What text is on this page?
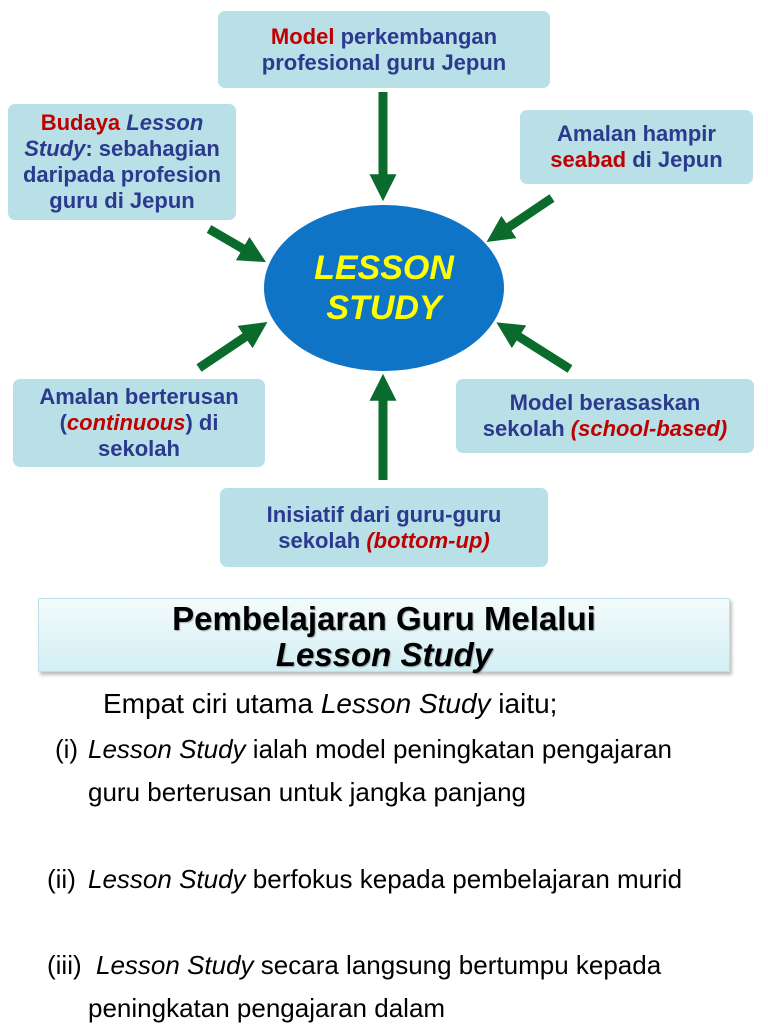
Model perkembangan
profesional guru Jepun
Budaya Lesson
Study: sebahagian
daripada profesion
guru di Jepun
Amalan hampir
seabad di Jepun
LESSON
STUDY
Amalan berterusan
(continuous) di
sekolah
Model berasaskan
sekolah (school-based)
Inisiatif dari guru-guru
sekolah (bottom-up)
Pembelajaran Guru Melalui
Lesson Study
Empat ciri utama Lesson Study iaitu;
(i) Lesson Study ialah model peningkatan pengajaran guru berterusan untuk jangka panjang
(ii) Lesson Study berfokus kepada pembelajaran murid
(iii) Lesson Study secara langsung bertumpu kepada peningkatan pengajaran dalam
